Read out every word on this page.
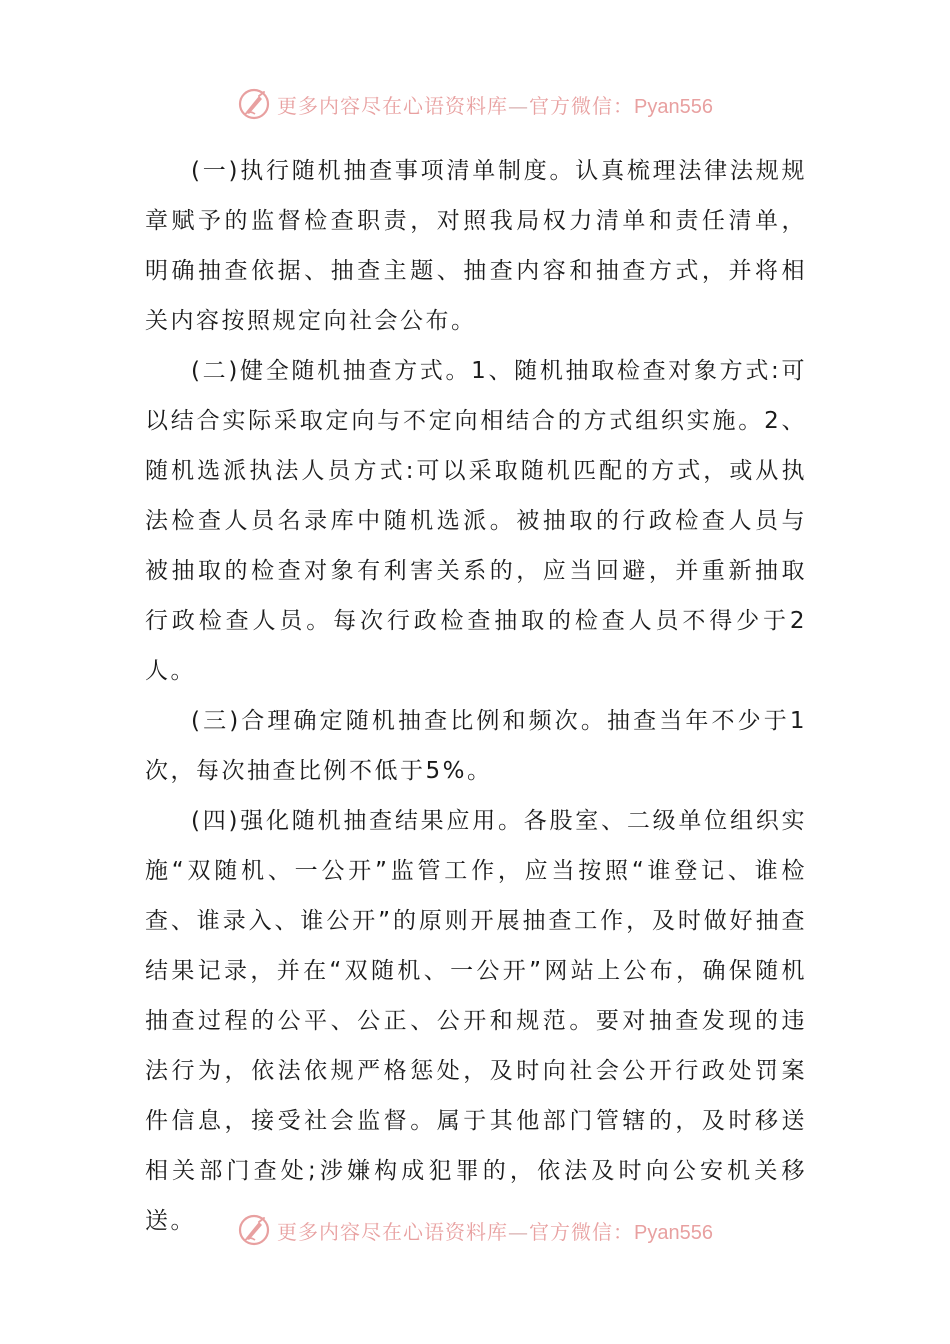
更多内容尽在心语资料库—官方微信：Pyan556

(一)执行随机抽查事项清单制度。认真梳理法律法规规章赋予的监督检查职责，对照我局权力清单和责任清单，明确抽查依据、抽查主题、抽查内容和抽查方式，并将相关内容按照规定向社会公布。

(二)健全随机抽查方式。1、随机抽取检查对象方式:可以结合实际采取定向与不定向相结合的方式组织实施。2、随机选派执法人员方式:可以采取随机匹配的方式，或从执法检查人员名录库中随机选派。被抽取的行政检查人员与被抽取的检查对象有利害关系的，应当回避，并重新抽取行政检查人员。每次行政检查抽取的检查人员不得少于2人。

(三)合理确定随机抽查比例和频次。抽查当年不少于1次，每次抽查比例不低于5%。

(四)强化随机抽查结果应用。各股室、二级单位组织实施“双随机、一公开”监管工作，应当按照“谁登记、谁检查、谁录入、谁公开”的原则开展抽查工作，及时做好抽查结果记录，并在“双随机、一公开”网站上公布，确保随机抽查过程的公平、公正、公开和规范。要对抽查发现的违法行为，依法依规严格惩处，及时向社会公开行政处罚案件信息，接受社会监督。属于其他部门管辖的，及时移送相关部门查处;涉嫌构成犯罪的，依法及时向公安机关移送。	更多内容尽在心语资料库—官方微信：Pyan556
